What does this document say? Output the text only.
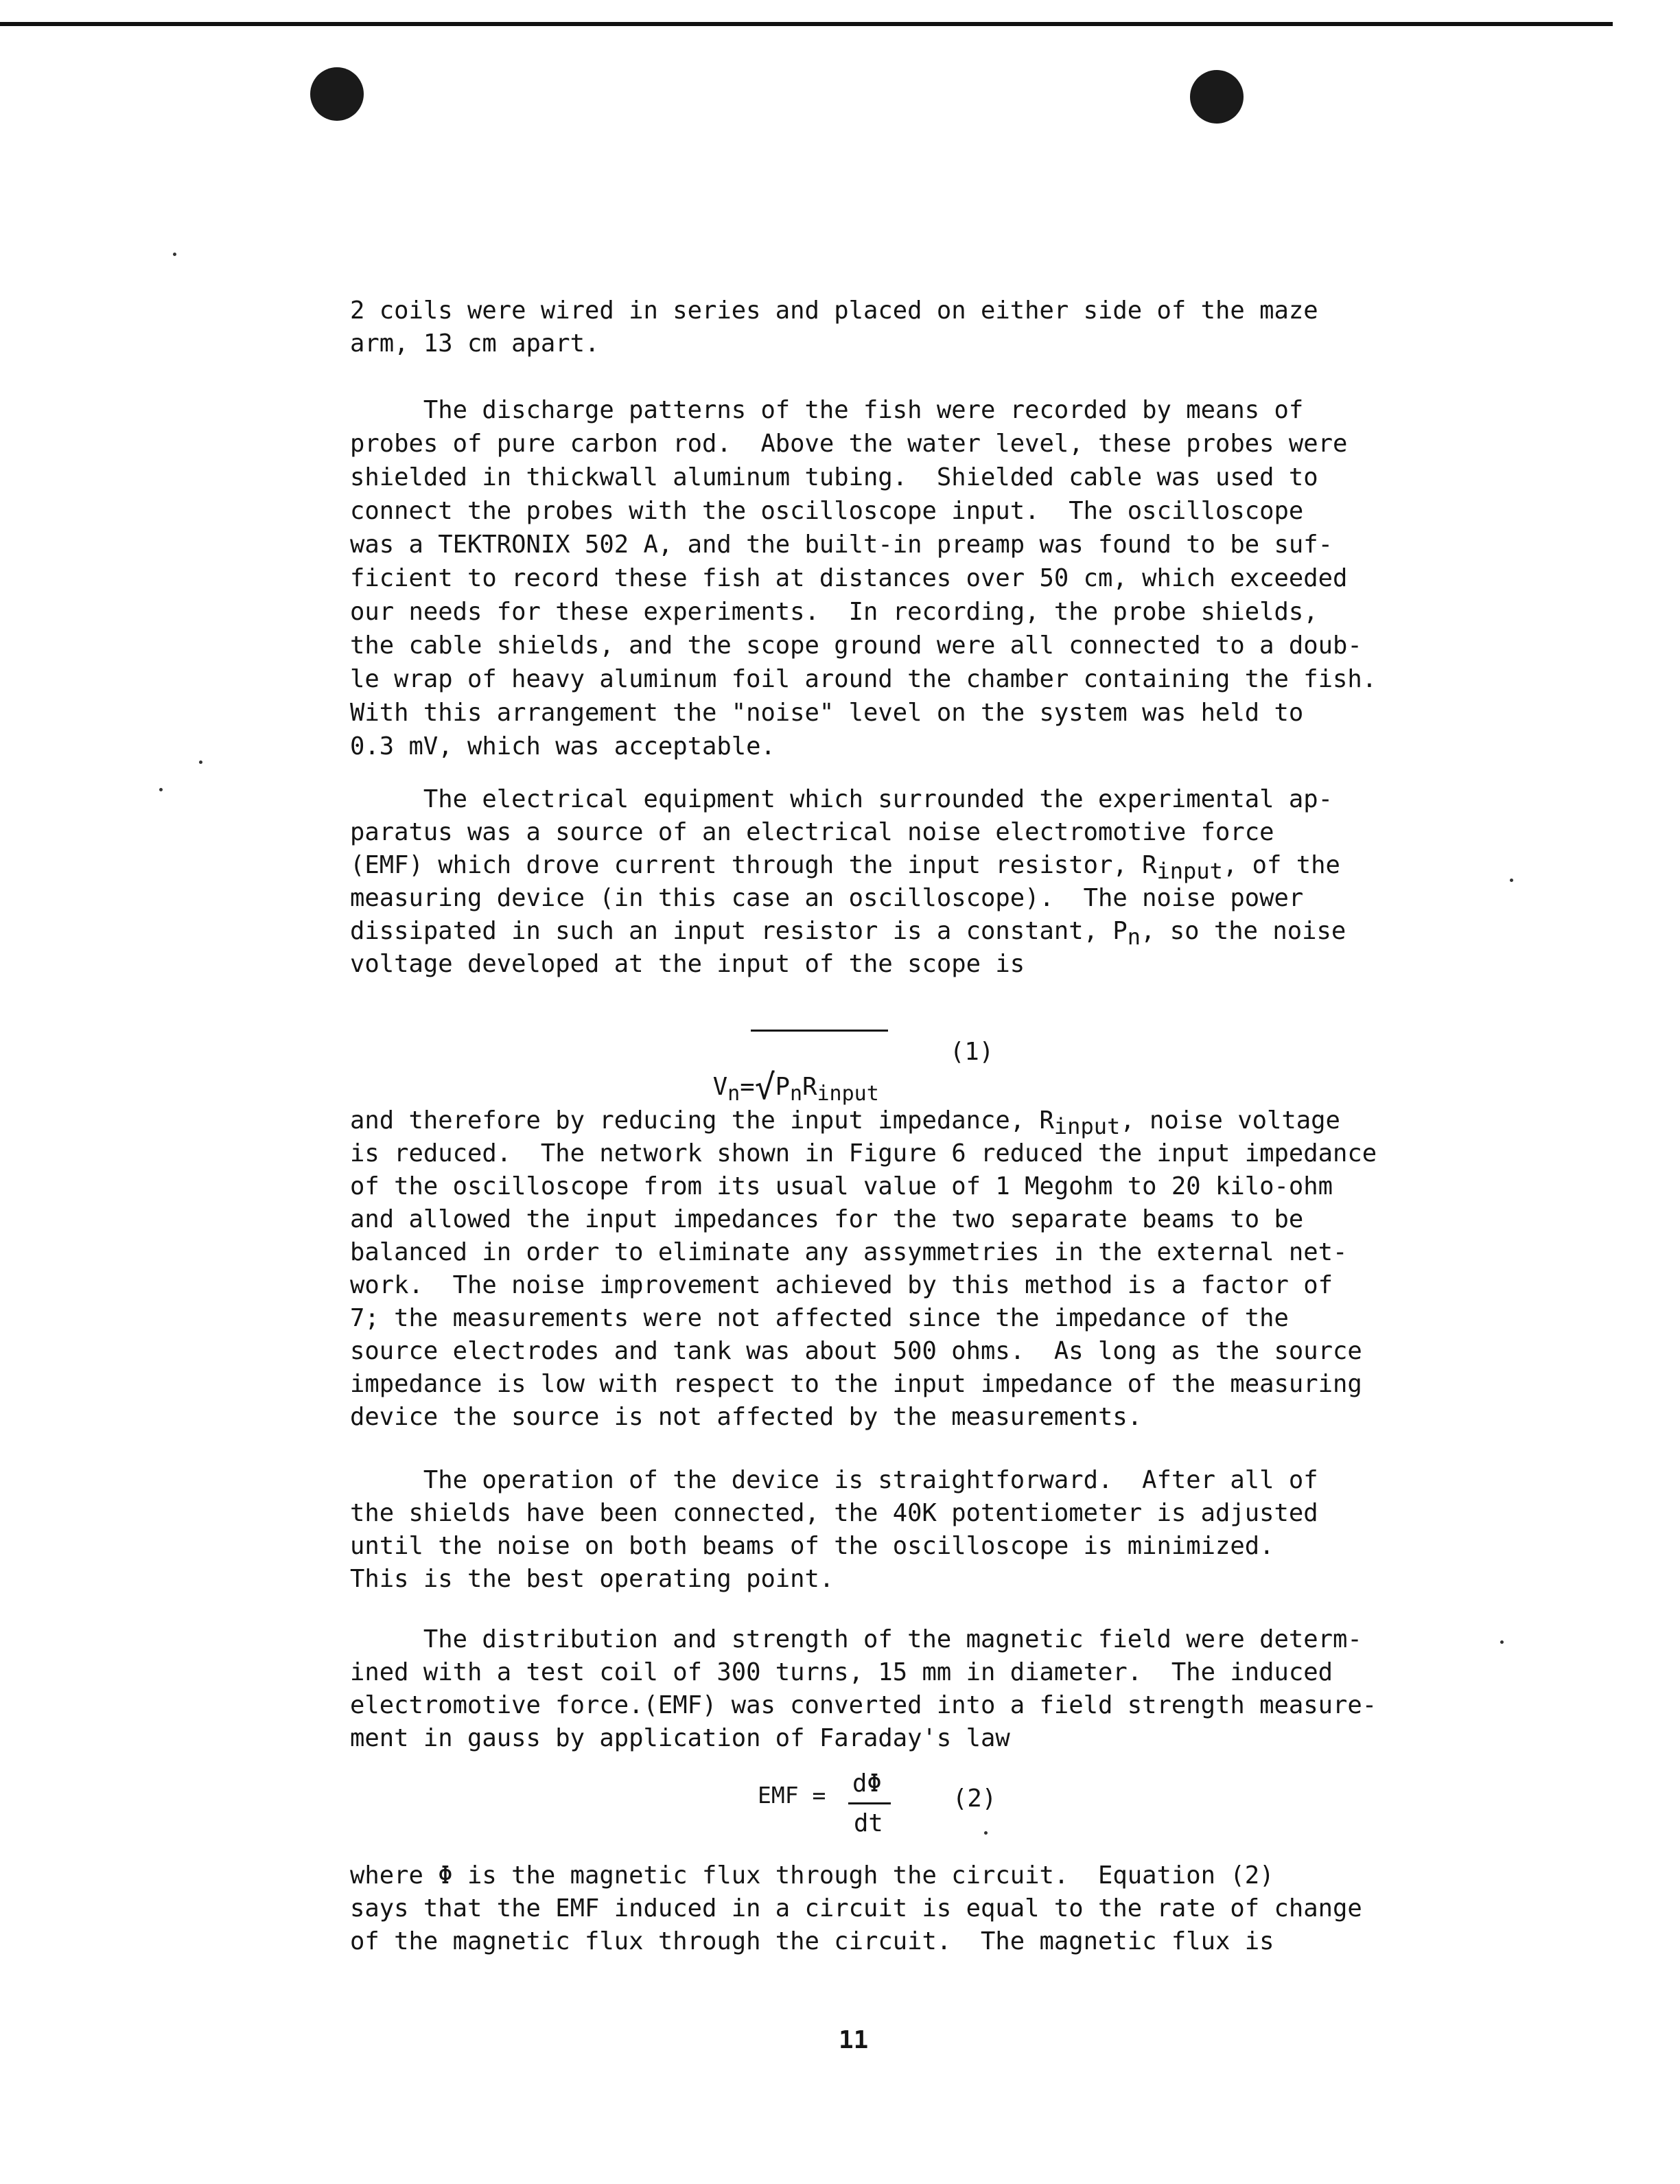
2 coils were wired in series and placed on either side of the maze
arm, 13 cm apart.
The discharge patterns of the fish were recorded by means of
probes of pure carbon rod.  Above the water level, these probes were
shielded in thickwall aluminum tubing.  Shielded cable was used to
connect the probes with the oscilloscope input.  The oscilloscope
was a TEKTRONIX 502 A, and the built-in preamp was found to be suf-
ficient to record these fish at distances over 50 cm, which exceeded
our needs for these experiments.  In recording, the probe shields,
the cable shields, and the scope ground were all connected to a doub-
le wrap of heavy aluminum foil around the chamber containing the fish.
With this arrangement the "noise" level on the system was held to
0.3 mV, which was acceptable.
The electrical equipment which surrounded the experimental ap-
paratus was a source of an electrical noise electromotive force
(EMF) which drove current through the input resistor, $R_{input}$, of the
measuring device (in this case an oscilloscope).  The noise power
dissipated in such an input resistor is a constant, $P_n$, so the noise
voltage developed at the input of the scope is

$V_n=√P_nR_{input}$

(1)
and therefore by reducing the input impedance, $R_{input}$, noise voltage
is reduced.  The network shown in Figure 6 reduced the input impedance
of the oscilloscope from its usual value of 1 Megohm to 20 kilo-ohm
and allowed the input impedances for the two separate beams to be
balanced in order to eliminate any assymmetries in the external net-
work.  The noise improvement achieved by this method is a factor of
7; the measurements were not affected since the impedance of the
source electrodes and tank was about 500 ohms.  As long as the source
impedance is low with respect to the input impedance of the measuring
device the source is not affected by the measurements.
The operation of the device is straightforward.  After all of
the shields have been connected, the 40K potentiometer is adjusted
until the noise on both beams of the oscilloscope is minimized.
This is the best operating point.
The distribution and strength of the magnetic field were determ-
ined with a test coil of 300 turns, 15 mm in diameter.  The induced
electromotive force.(EMF) was converted into a field strength measure-
ment in gauss by application of Faraday's law
EMF = dΦ
dt
(2)
where Φ is the magnetic flux through the circuit.  Equation (2)
says that the EMF induced in a circuit is equal to the rate of change
of the magnetic flux through the circuit.  The magnetic flux is
11
